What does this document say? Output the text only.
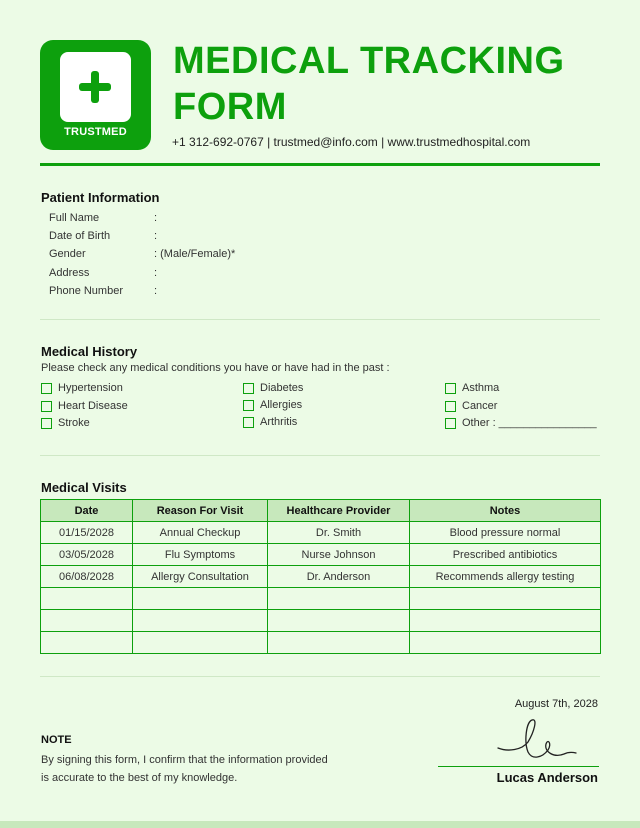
TRUSTMED
MEDICAL TRACKING
FORM
+1 312-692-0767 | trustmed@info.com | www.trustmedhospital.com
Patient Information
Full Name	:
Date of Birth	:
Gender	: (Male/Female)*
Address	:
Phone Number	:
Medical History
Please check any medical conditions you have or have had in the past :
Hypertension
Heart Disease
Stroke
Diabetes
Allergies
Arthritis
Asthma
Cancer
Other : ________________
Medical Visits
Date	Reason For Visit	Healthcare Provider	Notes
01/15/2028	Annual Checkup	Dr. Smith	Blood pressure normal
03/05/2028	Flu Symptoms	Nurse Johnson	Prescribed antibiotics
06/08/2028	Allergy Consultation	Dr. Anderson	Recommends allergy testing

NOTE
By signing this form, I confirm that the information provided is accurate to the best of my knowledge.
August 7th, 2028
Lucas Anderson
